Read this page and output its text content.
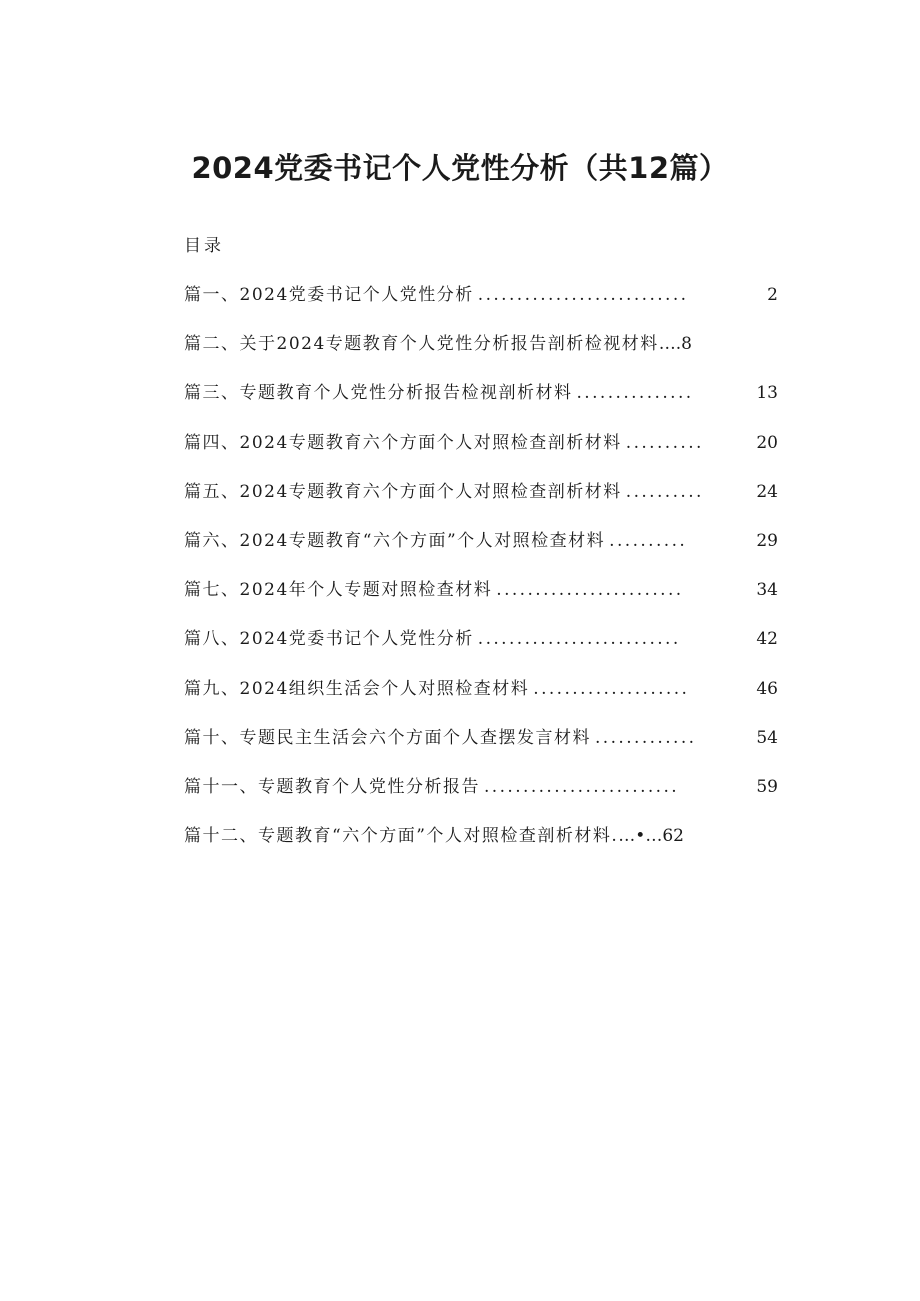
2024党委书记个人党性分析（共12篇）
目录
篇一、2024党委书记个人党性分析 ...........................	2
篇二、关于2024专题教育个人党性分析报告剖析检视材料 ….8
篇三、专题教育个人党性分析报告检视剖析材料 ...............	13
篇四、2024专题教育六个方面个人对照检查剖析材料 ..........	20
篇五、2024专题教育六个方面个人对照检查剖析材料 ..........	24
篇六、2024专题教育“六个方面”个人对照检查材料 ..........	29
篇七、2024年个人专题对照检查材料 ........................	34
篇八、2024党委书记个人党性分析 ..........................	42
篇九、2024组织生活会个人对照检查材料 ....................	46
篇十、专题民主生活会六个方面个人查摆发言材料 .............	54
篇十一、专题教育个人党性分析报告 .........................	59
篇十二、专题教育“六个方面”个人对照检查剖析材料. …•…62
